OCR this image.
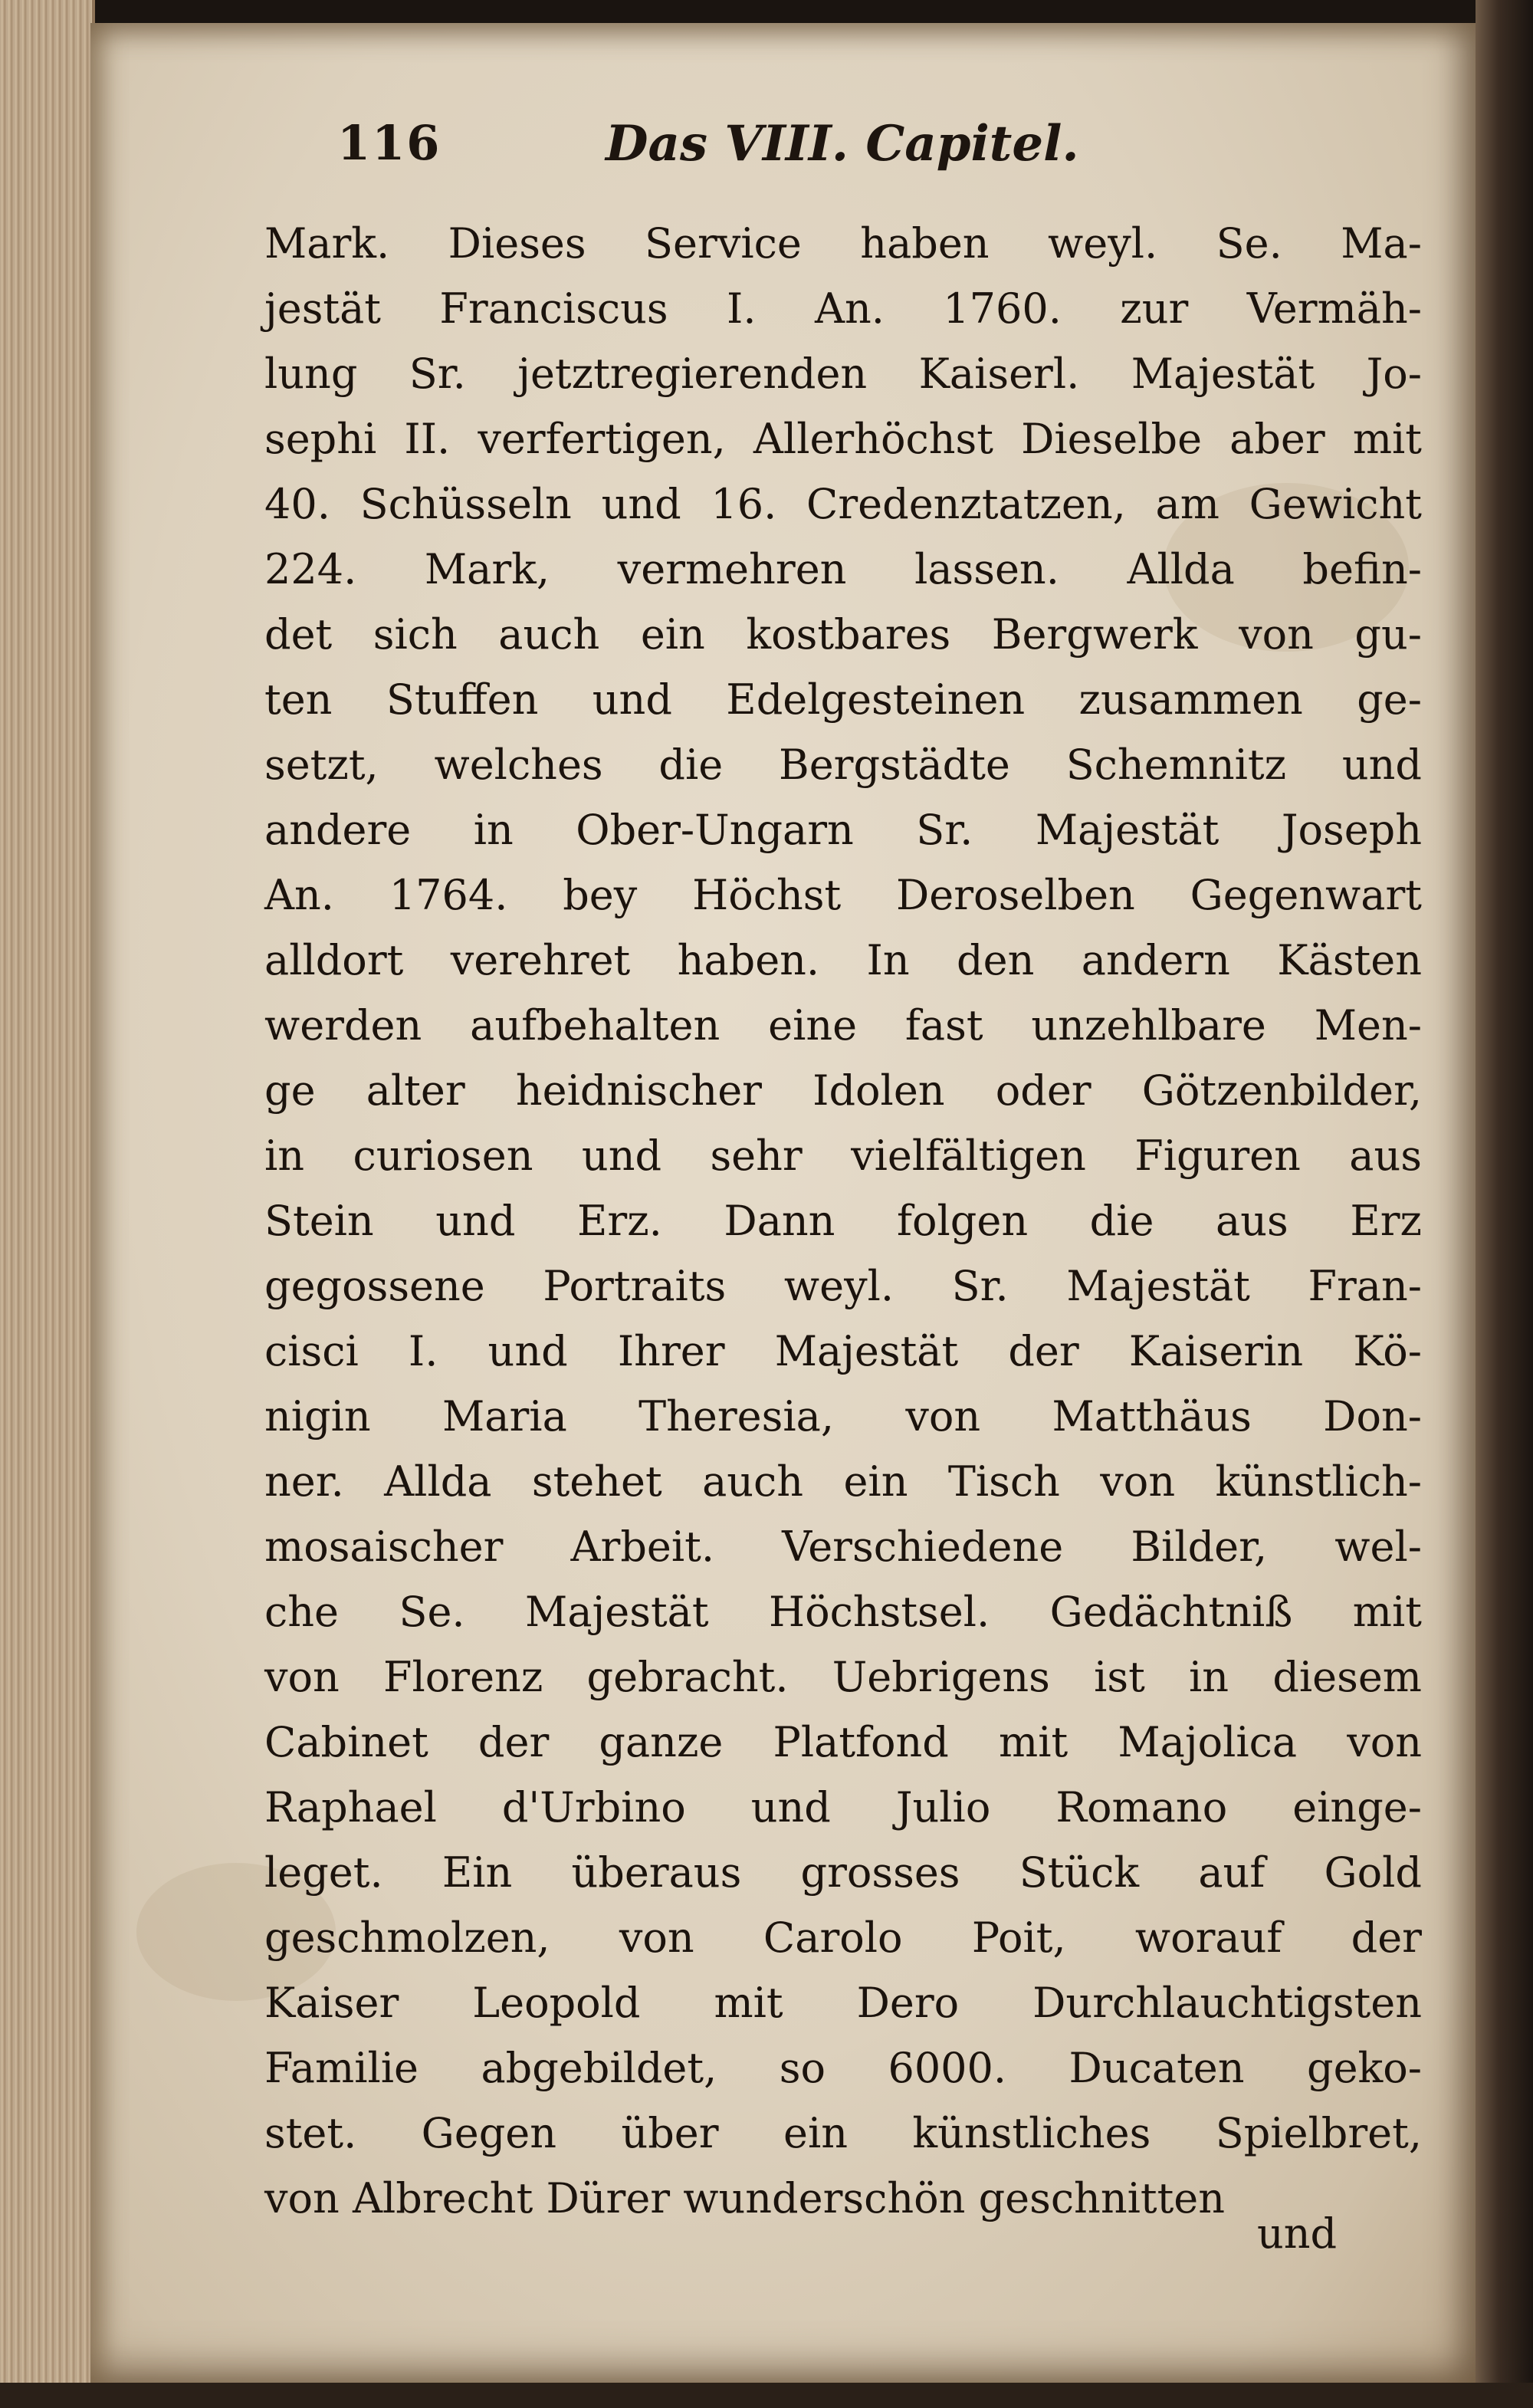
116	Das VIII. Capitel.
Mark. Dieses Service haben weyl. Se. Ma-
jestät Franciscus I. An. 1760. zur Vermäh-
lung Sr. jetztregierenden Kaiserl. Majestät Jo-
sephi II. verfertigen, Allerhöchst Dieselbe aber mit
40. Schüsseln und 16. Credenztatzen, am Gewicht
224. Mark, vermehren lassen. Allda befin-
det sich auch ein kostbares Bergwerk von gu-
ten Stuffen und Edelgesteinen zusammen ge-
setzt, welches die Bergstädte Schemnitz und
andere in Ober-Ungarn Sr. Majestät Joseph
An. 1764. bey Höchst Deroselben Gegenwart
alldort verehret haben. In den andern Kästen
werden aufbehalten eine fast unzehlbare Men-
ge alter heidnischer Idolen oder Götzenbilder,
in curiosen und sehr vielfältigen Figuren aus
Stein und Erz. Dann folgen die aus Erz
gegossene Portraits weyl. Sr. Majestät Fran-
cisci I. und Ihrer Majestät der Kaiserin Kö-
nigin Maria Theresia, von Matthäus Don-
ner. Allda stehet auch ein Tisch von künstlich-
mosaischer Arbeit. Verschiedene Bilder, wel-
che Se. Majestät Höchstsel. Gedächtniß mit
von Florenz gebracht. Uebrigens ist in diesem
Cabinet der ganze Platfond mit Majolica von
Raphael d'Urbino und Julio Romano einge-
leget. Ein überaus grosses Stück auf Gold
geschmolzen, von Carolo Poit, worauf der
Kaiser Leopold mit Dero Durchlauchtigsten
Familie abgebildet, so 6000. Ducaten geko-
stet. Gegen über ein künstliches Spielbret,
von Albrecht Dürer wunderschön geschnitten
und
